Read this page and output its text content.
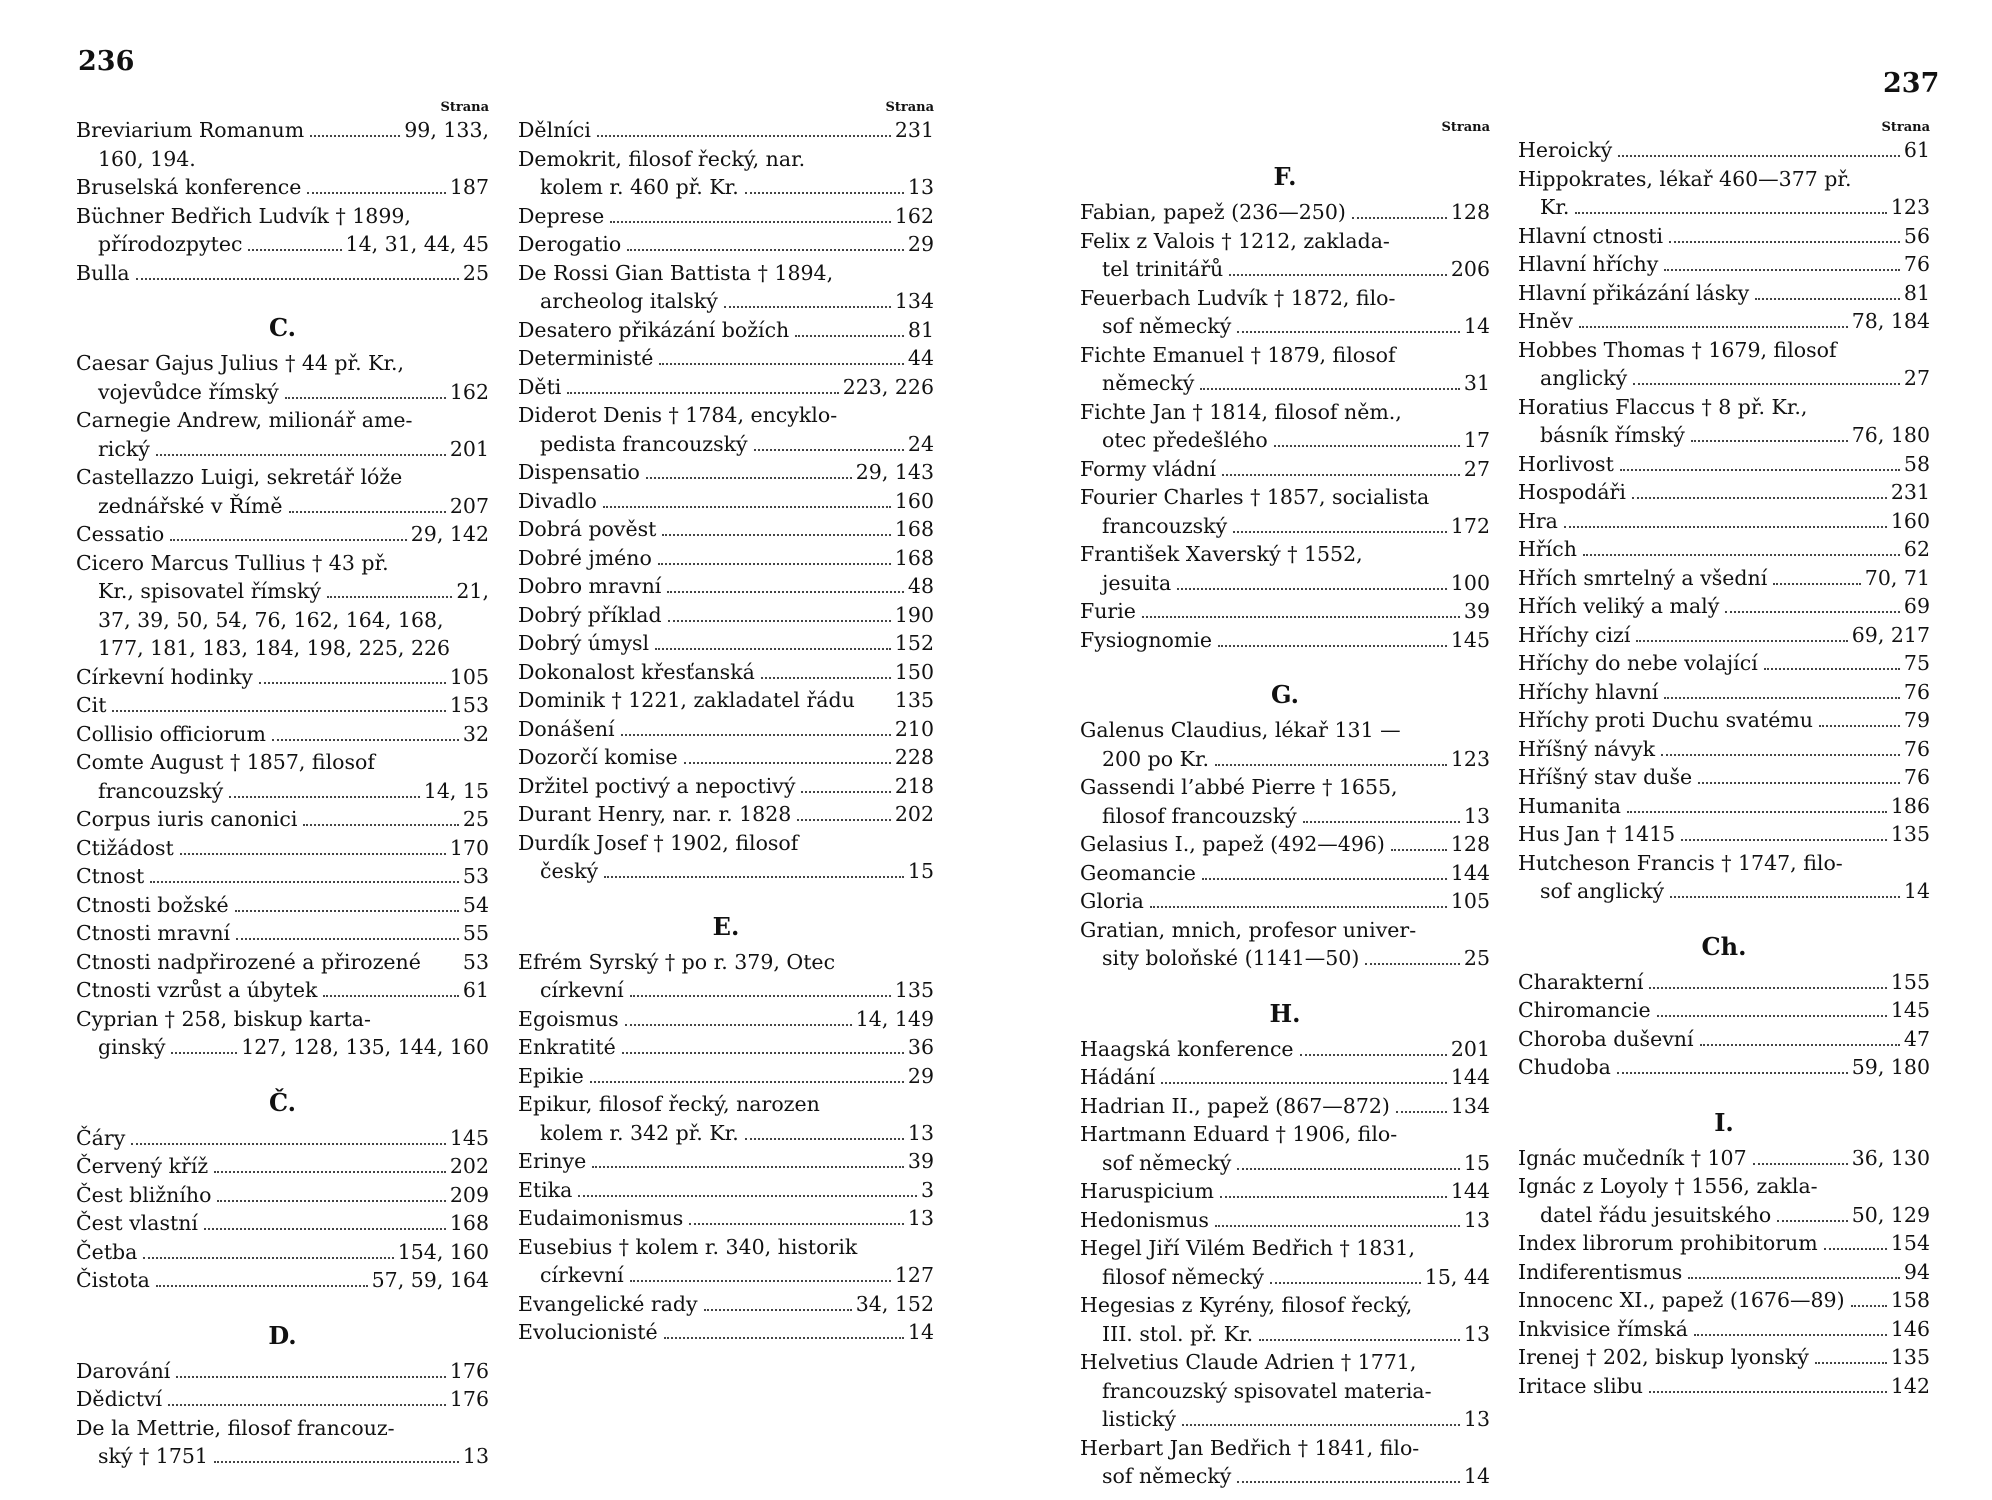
236
237
Strana
Breviarium Romanum	99, 133,
160, 194.
Bruselská konference	187
Büchner Bedřich Ludvík † 1899,
přírodozpytec	14, 31, 44, 45
Bulla	25
C.
Caesar Gajus Julius † 44 př. Kr.,
vojevůdce římský	162
Carnegie Andrew, milionář ame-
rický	201
Castellazzo Luigi, sekretář lóže
zednářské v Římě	207
Cessatio	29, 142
Cicero Marcus Tullius † 43 př.
Kr., spisovatel římský	21,
37, 39, 50, 54, 76, 162, 164, 168,
177, 181, 183, 184, 198, 225, 226
Církevní hodinky	105
Cit	153
Collisio officiorum	32
Comte August † 1857, filosof
francouzský	14, 15
Corpus iuris canonici	25
Ctižádost	170
Ctnost	53
Ctnosti božské	54
Ctnosti mravní	55
Ctnosti nadpřirozené a přirozené 53
Ctnosti vzrůst a úbytek	61
Cyprian † 258, biskup karta-
ginský	127, 128, 135, 144, 160
Č.
Čáry	145
Červený kříž	202
Čest bližního	209
Čest vlastní	168
Četba	154, 160
Čistota	57, 59, 164
D.
Darování	176
Dědictví	176
De la Mettrie, filosof francouz-
ský † 1751	13
Strana
Dělníci	231
Demokrit, filosof řecký, nar.
kolem r. 460 př. Kr.	13
Deprese	162
Derogatio	29
De Rossi Gian Battista † 1894,
archeolog italský	134
Desatero přikázání božích	81
Deterministé	44
Děti	223, 226
Diderot Denis † 1784, encyklo-
pedista francouzský	24
Dispensatio	29, 143
Divadlo	160
Dobrá pověst	168
Dobré jméno	168
Dobro mravní	48
Dobrý příklad	190
Dobrý úmysl	152
Dokonalost křesťanská	150
Dominik † 1221, zakladatel řádu 135
Donášení	210
Dozorčí komise	228
Držitel poctivý a nepoctivý	218
Durant Henry, nar. r. 1828	202
Durdík Josef † 1902, filosof
český	15
E.
Efrém Syrský † po r. 379, Otec
církevní	135
Egoismus	14, 149
Enkratité	36
Epikie	29
Epikur, filosof řecký, narozen
kolem r. 342 př. Kr.	13
Erinye	39
Etika	3
Eudaimonismus	13
Eusebius † kolem r. 340, historik
církevní	127
Evangelické rady	34, 152
Evolucionisté	14
Strana
F.
Fabian, papež (236—250)	128
Felix z Valois † 1212, zaklada-
tel trinitářů	206
Feuerbach Ludvík † 1872, filo-
sof německý	14
Fichte Emanuel † 1879, filosof
německý	31
Fichte Jan † 1814, filosof něm.,
otec předešlého	17
Formy vládní	27
Fourier Charles † 1857, socialista
francouzský	172
František Xaverský † 1552,
jesuita	100
Furie	39
Fysiognomie	145
G.
Galenus Claudius, lékař 131 —
200 po Kr.	123
Gassendi l’abbé Pierre † 1655,
filosof francouzský	13
Gelasius I., papež (492—496)	128
Geomancie	144
Gloria	105
Gratian, mnich, profesor univer-
sity boloňské (1141—50)	25
H.
Haagská konference	201
Hádání	144
Hadrian II., papež (867—872)	134
Hartmann Eduard † 1906, filo-
sof německý	15
Haruspicium	144
Hedonismus	13
Hegel Jiří Vilém Bedřich † 1831,
filosof německý	15, 44
Hegesias z Kyrény, filosof řecký,
III. stol. př. Kr.	13
Helvetius Claude Adrien † 1771,
francouzský spisovatel materia-
listický	13
Herbart Jan Bedřich † 1841, filo-
sof německý	14
Strana
Heroický	61
Hippokrates, lékař 460—377 př.
Kr.	123
Hlavní ctnosti	56
Hlavní hříchy	76
Hlavní přikázání lásky	81
Hněv	78, 184
Hobbes Thomas † 1679, filosof
anglický	27
Horatius Flaccus † 8 př. Kr.,
básník římský	76, 180
Horlivost	58
Hospodáři	231
Hra	160
Hřích	62
Hřích smrtelný a všední	70, 71
Hřích veliký a malý	69
Hříchy cizí	69, 217
Hříchy do nebe volající	75
Hříchy hlavní	76
Hříchy proti Duchu svatému	79
Hříšný návyk	76
Hříšný stav duše	76
Humanita	186
Hus Jan † 1415	135
Hutcheson Francis † 1747, filo-
sof anglický	14
Ch.
Charakterní	155
Chiromancie	145
Choroba duševní	47
Chudoba	59, 180
I.
Ignác mučedník † 107	36, 130
Ignác z Loyoly † 1556, zakla-
datel řádu jesuitského	50, 129
Index librorum prohibitorum	154
Indiferentismus	94
Innocenc XI., papež (1676—89) 158
Inkvisice římská	146
Irenej † 202, biskup lyonský	135
Iritace slibu	142
